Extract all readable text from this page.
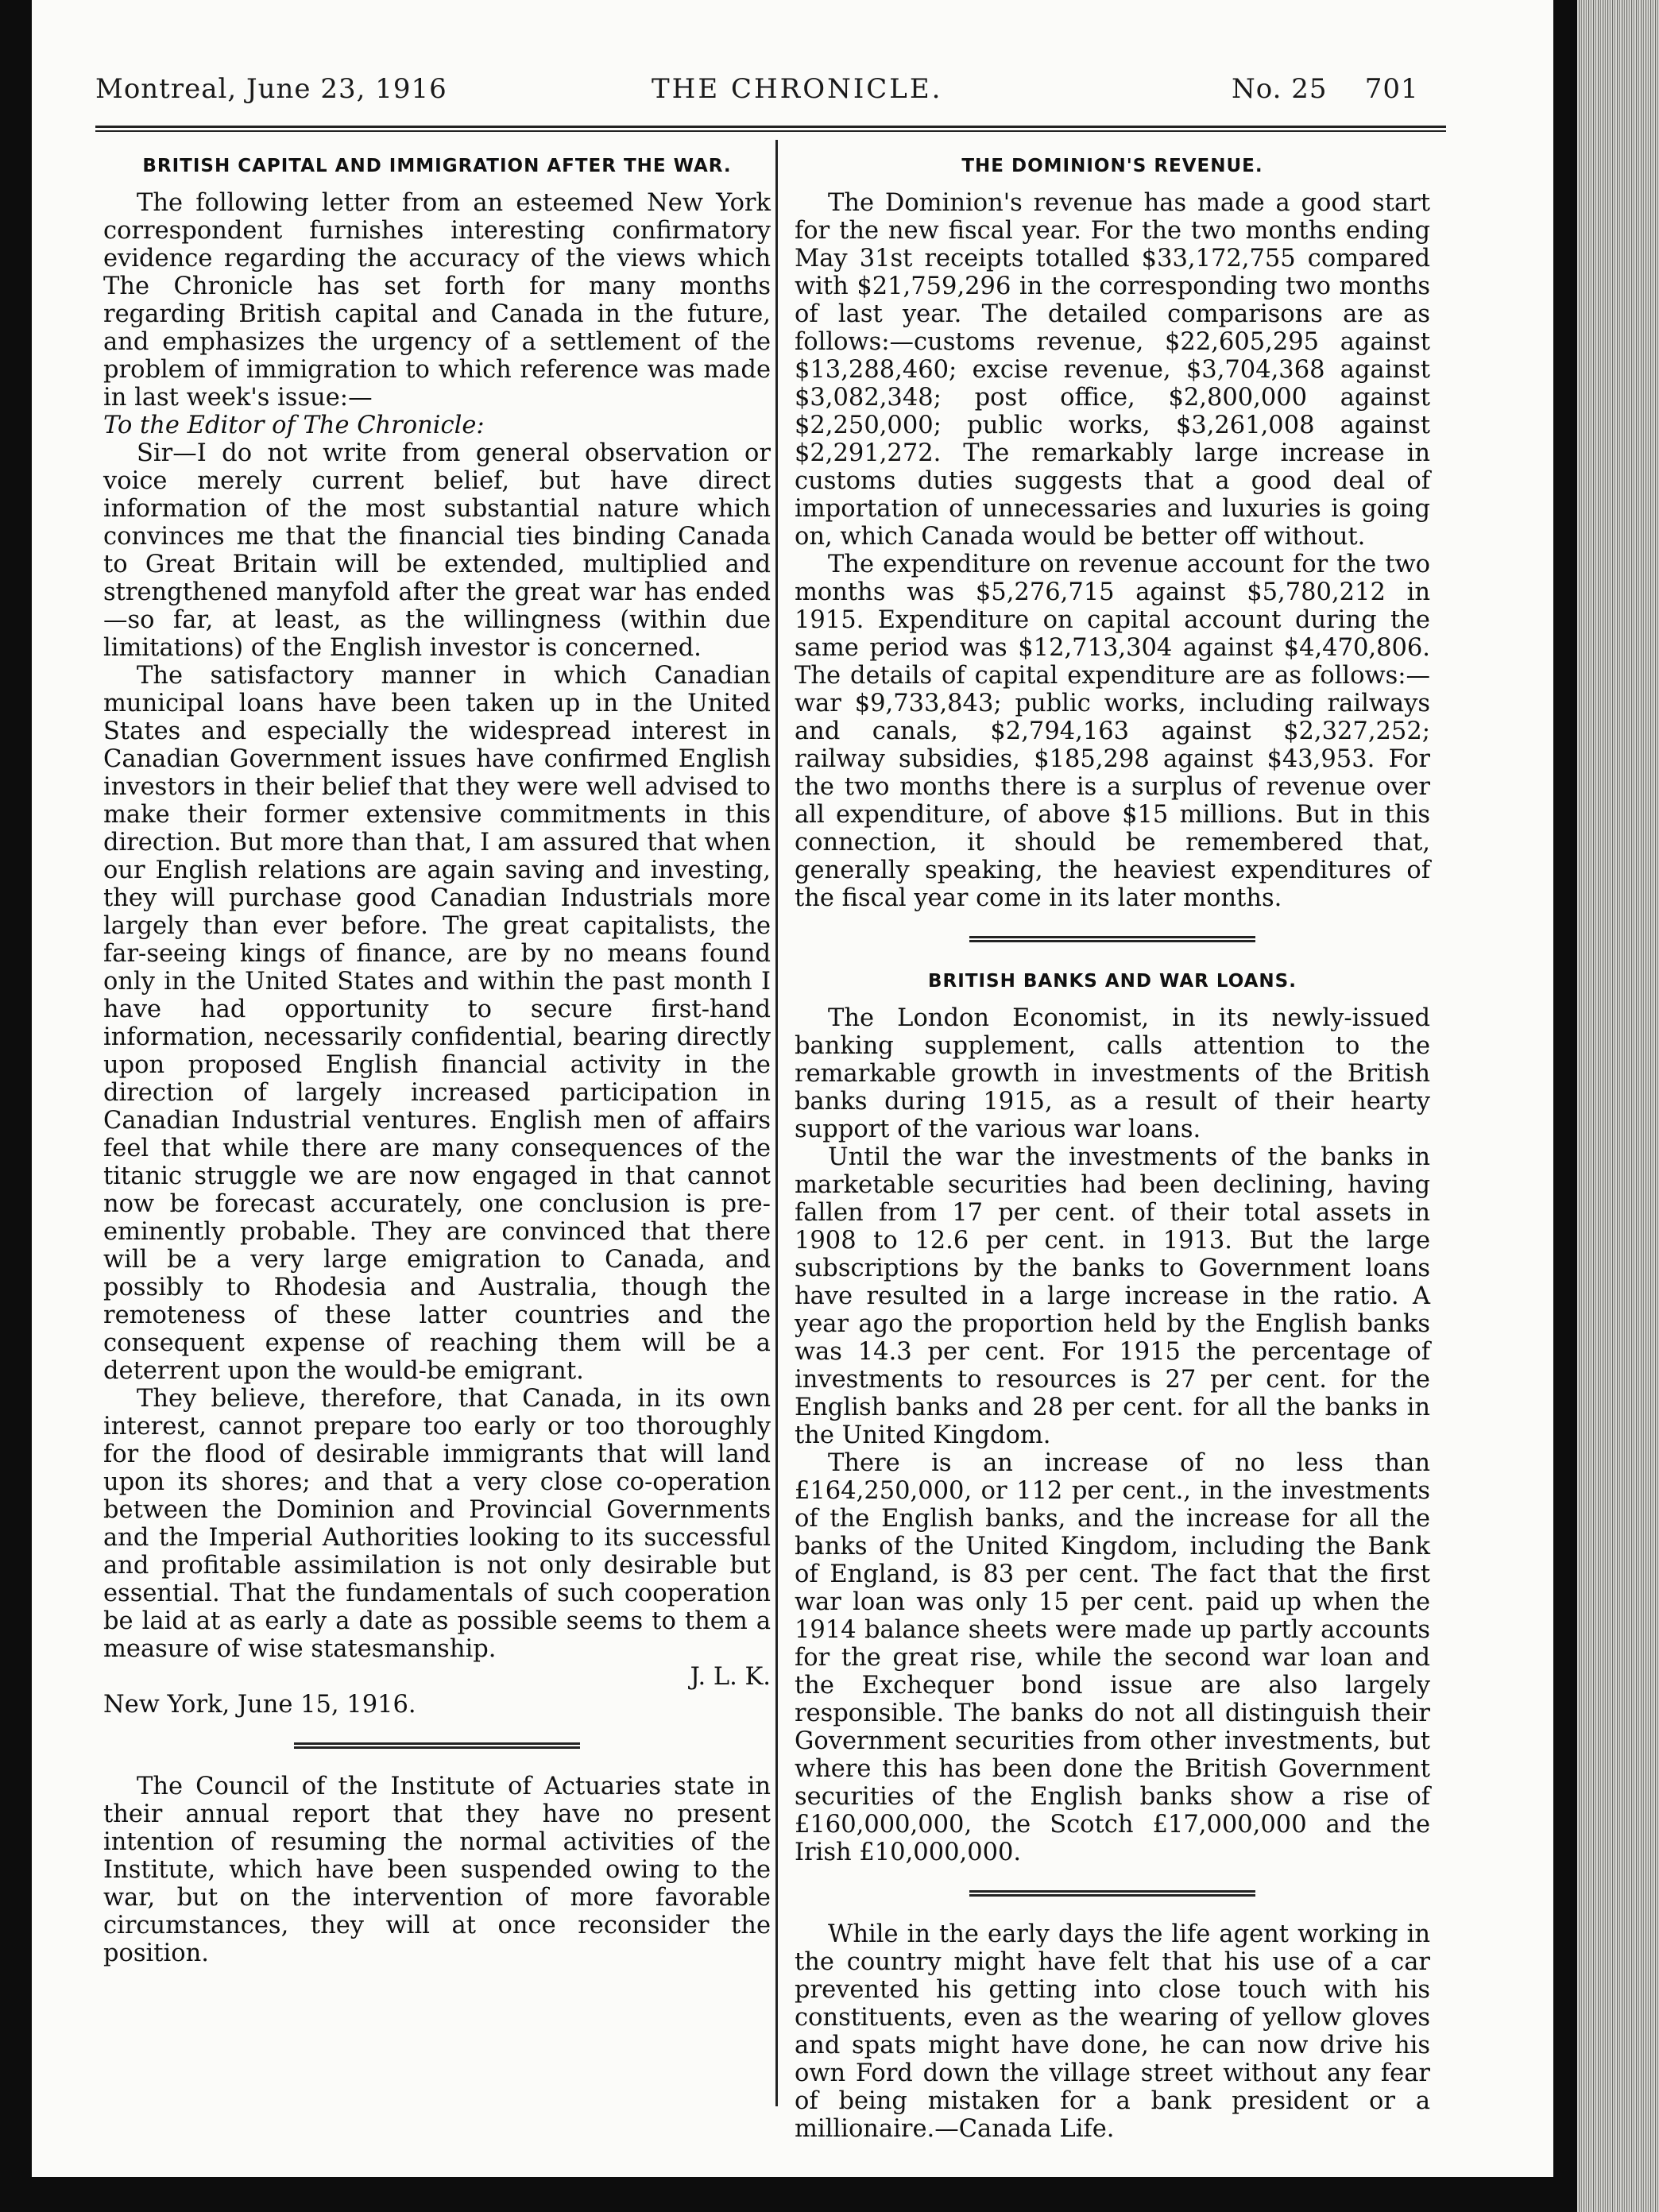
Montreal, June 23, 1916	THE CHRONICLE.	No. 25    701
BRITISH CAPITAL AND IMMIGRATION AFTER THE WAR.

The following letter from an esteemed New York correspondent furnishes interesting confirmatory evidence regarding the accuracy of the views which The Chronicle has set forth for many months regarding British capital and Canada in the future, and emphasizes the urgency of a settlement of the problem of immigration to which reference was made in last week's issue:—

To the Editor of The Chronicle:

Sir—I do not write from general observation or voice merely current belief, but have direct information of the most substantial nature which convinces me that the financial ties binding Canada to Great Britain will be extended, multiplied and strengthened manyfold after the great war has ended—so far, at least, as the willingness (within due limitations) of the English investor is concerned.

The satisfactory manner in which Canadian municipal loans have been taken up in the United States and especially the widespread interest in Canadian Government issues have confirmed English investors in their belief that they were well advised to make their former extensive commitments in this direction. But more than that, I am assured that when our English relations are again saving and investing, they will purchase good Canadian Industrials more largely than ever before. The great capitalists, the far-seeing kings of finance, are by no means found only in the United States and within the past month I have had opportunity to secure first-hand information, necessarily confidential, bearing directly upon proposed English financial activity in the direction of largely increased participation in Canadian Industrial ventures. English men of affairs feel that while there are many consequences of the titanic struggle we are now engaged in that cannot now be forecast accurately, one conclusion is pre-eminently probable. They are convinced that there will be a very large emigration to Canada, and possibly to Rhodesia and Australia, though the remoteness of these latter countries and the consequent expense of reaching them will be a deterrent upon the would-be emigrant.

They believe, therefore, that Canada, in its own interest, cannot prepare too early or too thoroughly for the flood of desirable immigrants that will land upon its shores; and that a very close co-operation between the Dominion and Provincial Governments and the Imperial Authorities looking to its successful and profitable assimilation is not only desirable but essential. That the fundamentals of such cooperation be laid at as early a date as possible seems to them a measure of wise statesmanship.

J. L. K.

New York, June 15, 1916.

The Council of the Institute of Actuaries state in their annual report that they have no present intention of resuming the normal activities of the Institute, which have been suspended owing to the war, but on the intervention of more favorable circumstances, they will at once reconsider the position.

THE DOMINION'S REVENUE.

The Dominion's revenue has made a good start for the new fiscal year. For the two months ending May 31st receipts totalled $33,172,755 compared with $21,759,296 in the corresponding two months of last year. The detailed comparisons are as follows:—customs revenue, $22,605,295 against $13,288,460; excise revenue, $3,704,368 against $3,082,348; post office, $2,800,000 against $2,250,000; public works, $3,261,008 against $2,291,272. The remarkably large increase in customs duties suggests that a good deal of importation of unnecessaries and luxuries is going on, which Canada would be better off without.

The expenditure on revenue account for the two months was $5,276,715 against $5,780,212 in 1915. Expenditure on capital account during the same period was $12,713,304 against $4,470,806. The details of capital expenditure are as follows:—war $9,733,843; public works, including railways and canals, $2,794,163 against $2,327,252; railway subsidies, $185,298 against $43,953. For the two months there is a surplus of revenue over all expenditure, of above $15 millions. But in this connection, it should be remembered that, generally speaking, the heaviest expenditures of the fiscal year come in its later months.

BRITISH BANKS AND WAR LOANS.

The London Economist, in its newly-issued banking supplement, calls attention to the remarkable growth in investments of the British banks during 1915, as a result of their hearty support of the various war loans.

Until the war the investments of the banks in marketable securities had been declining, having fallen from 17 per cent. of their total assets in 1908 to 12.6 per cent. in 1913. But the large subscriptions by the banks to Government loans have resulted in a large increase in the ratio. A year ago the proportion held by the English banks was 14.3 per cent. For 1915 the percentage of investments to resources is 27 per cent. for the English banks and 28 per cent. for all the banks in the United Kingdom.

There is an increase of no less than £164,250,000, or 112 per cent., in the investments of the English banks, and the increase for all the banks of the United Kingdom, including the Bank of England, is 83 per cent. The fact that the first war loan was only 15 per cent. paid up when the 1914 balance sheets were made up partly accounts for the great rise, while the second war loan and the Exchequer bond issue are also largely responsible. The banks do not all distinguish their Government securities from other investments, but where this has been done the British Government securities of the English banks show a rise of £160,000,000, the Scotch £17,000,000 and the Irish £10,000,000.

While in the early days the life agent working in the country might have felt that his use of a car prevented his getting into close touch with his constituents, even as the wearing of yellow gloves and spats might have done, he can now drive his own Ford down the village street without any fear of being mistaken for a bank president or a millionaire.—Canada Life.
